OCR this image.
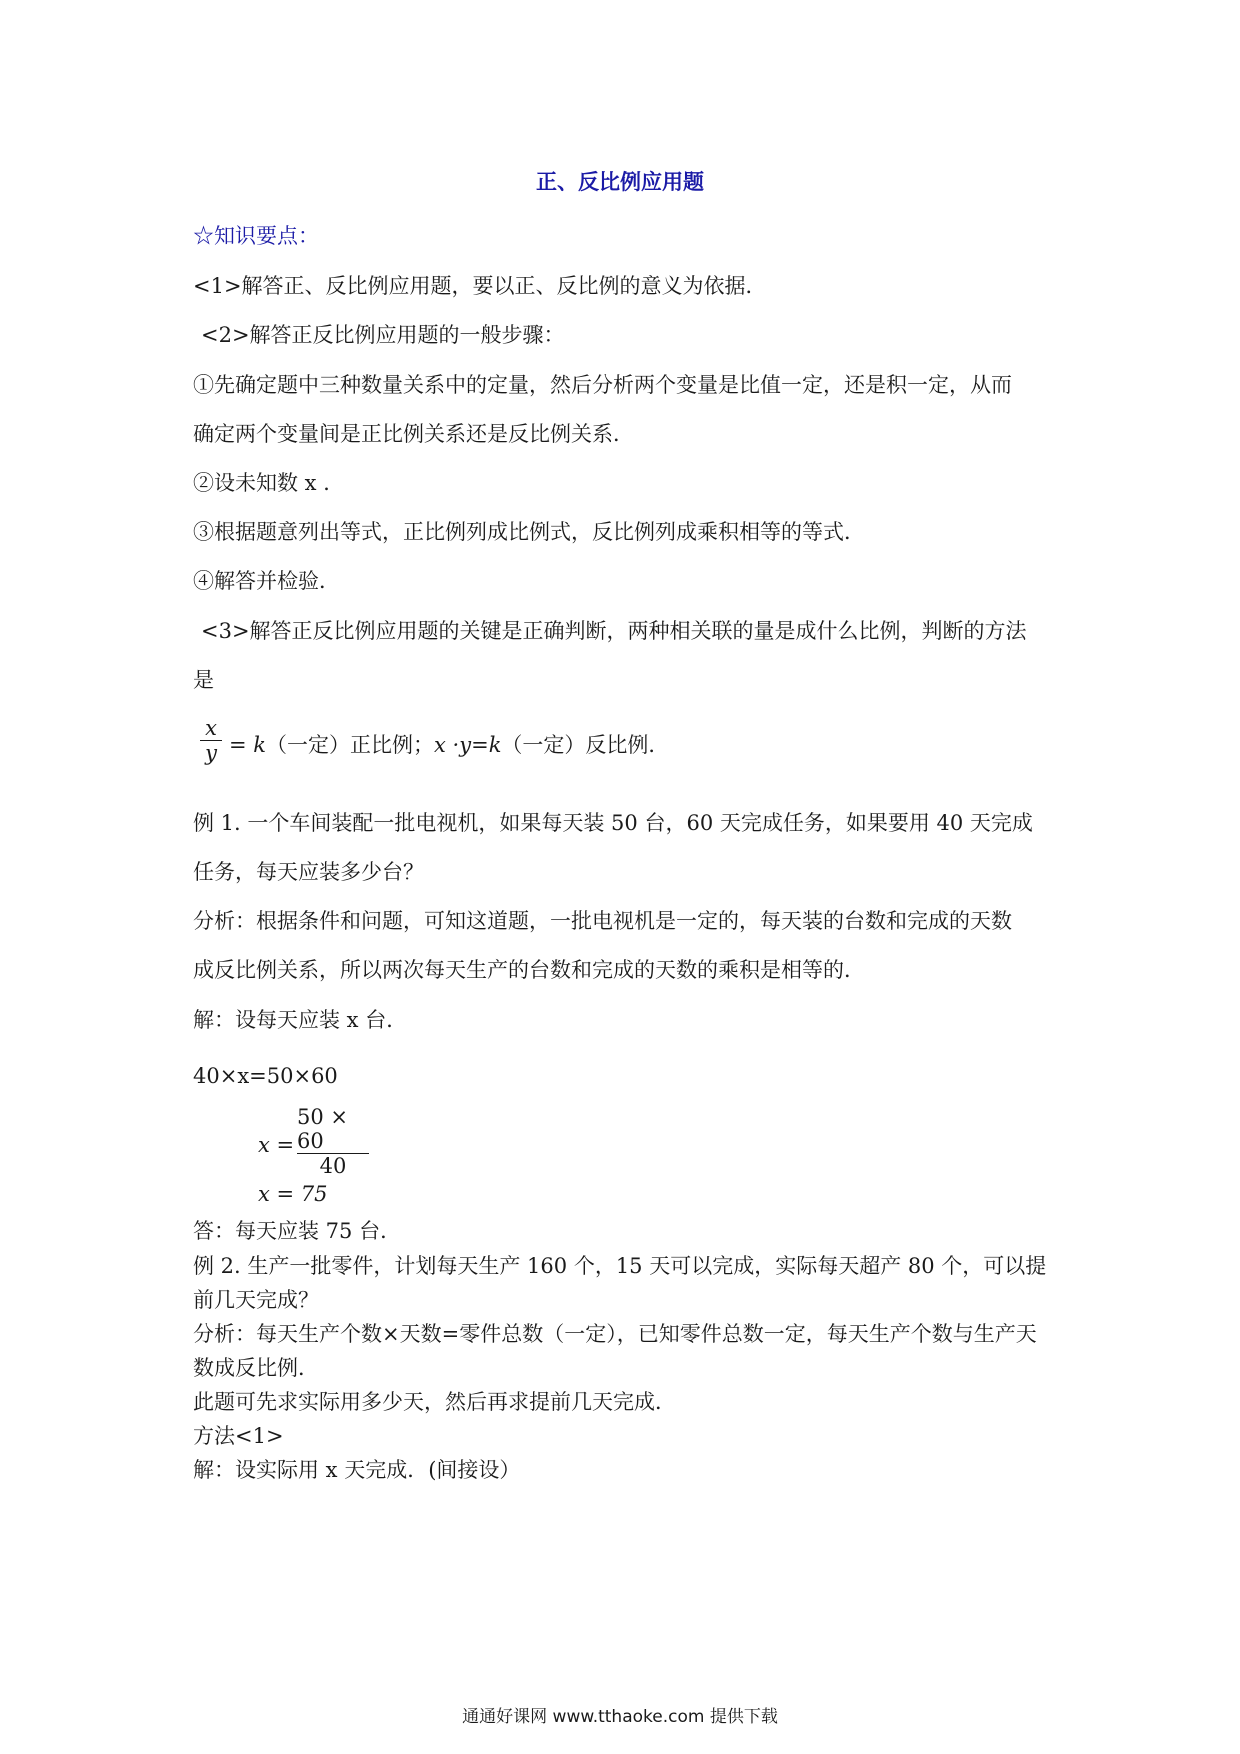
正、反比例应用题
☆知识要点：
<1>解答正、反比例应用题，要以正、反比例的意义为依据．
<2>解答正反比例应用题的一般步骤：
①先确定题中三种数量关系中的定量，然后分析两个变量是比值一定，还是积一定，从而
确定两个变量间是正比例关系还是反比例关系．
②设未知数 x ．
③根据题意列出等式，正比例列成比例式，反比例列成乘积相等的等式．
④解答并检验．
<3>解答正反比例应用题的关键是正确判断，两种相关联的量是成什么比例，判断的方法
是
x
y = k（一定）正比例；x ·y=k（一定）反比例．
例 1. 一个车间装配一批电视机，如果每天装 50 台，60 天完成任务，如果要用 40 天完成
任务，每天应装多少台？
分析：根据条件和问题，可知这道题，一批电视机是一定的，每天装的台数和完成的天数
成反比例关系，所以两次每天生产的台数和完成的天数的乘积是相等的．
解：设每天应装 x 台．
40×x=50×60
x =
50 × 60
40
x = 75
答：每天应装 75 台．
例 2. 生产一批零件，计划每天生产 160 个，15 天可以完成，实际每天超产 80 个，可以提
前几天完成？
分析：每天生产个数×天数=零件总数（一定），已知零件总数一定，每天生产个数与生产天
数成反比例．
此题可先求实际用多少天，然后再求提前几天完成．
方法<1>
解：设实际用 x 天完成．(间接设）
通通好课网 www.tthaoke.com 提供下载
